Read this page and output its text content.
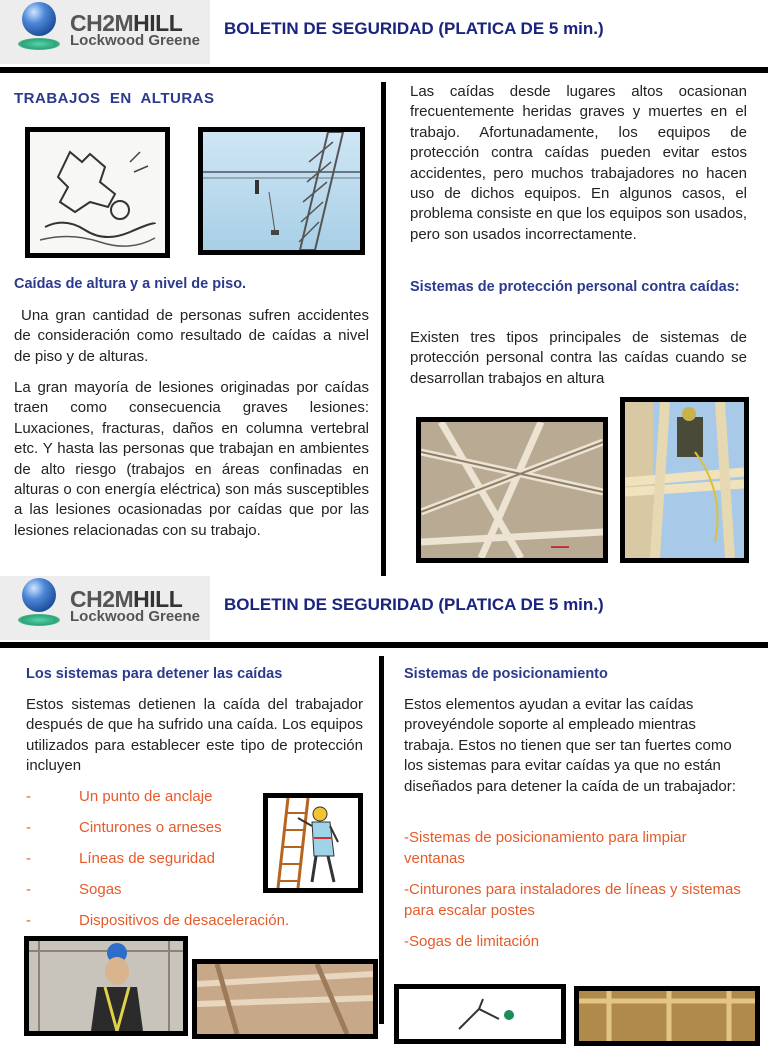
CH2MHILL
Lockwood Greene
BOLETIN DE SEGURIDAD (PLATICA DE 5 min.)
TRABAJOS  EN  ALTURAS
Caídas de altura y a nivel de piso.

Una gran cantidad de personas sufren accidentes de consideración como resultado de caídas a nivel de piso y de alturas.

La gran mayoría de lesiones originadas por caídas traen como consecuencia graves lesiones: Luxaciones, fracturas, daños en columna vertebral etc. Y hasta las personas que trabajan en ambientes de alto riesgo (trabajos en áreas confinadas en alturas o con energía eléctrica) son más susceptibles a las lesiones ocasionadas por caídas que por las lesiones relacionadas con su trabajo.

Las caídas desde lugares altos ocasionan frecuentemente heridas graves y muertes en el trabajo. Afortunadamente, los equipos de protección contra caídas pueden evitar estos accidentes, pero muchos trabajadores no hacen uso de dichos equipos. En algunos casos, el problema consiste en que los equipos son usados, pero son usados incorrectamente.

Sistemas de protección personal contra caídas:

Existen tres tipos principales de sistemas de protección personal contra las caídas cuando se desarrollan trabajos en altura

▬▬▬
CH2MHILL
Lockwood Greene
BOLETIN DE SEGURIDAD (PLATICA DE 5 min.)
Los sistemas para detener las caídas

Estos sistemas detienen la caída del trabajador después de que ha sufrido una caída. Los equipos utilizados para establecer este tipo de protección incluyen

-	Un punto de anclaje
-	Cinturones o arneses
-	Líneas de seguridad
-	Sogas
-	Dispositivos de desaceleración.
Sistemas de posicionamiento

Estos elementos ayudan a evitar las caídas proveyéndole soporte al empleado mientras trabaja. Estos no tienen que ser tan fuertes como los sistemas para evitar caídas ya que no están diseñados para detener la caída de un trabajador:

-Sistemas de posicionamiento para limpiar ventanas

-Cinturones para instaladores de líneas y sistemas para escalar postes

-Sogas de limitación
